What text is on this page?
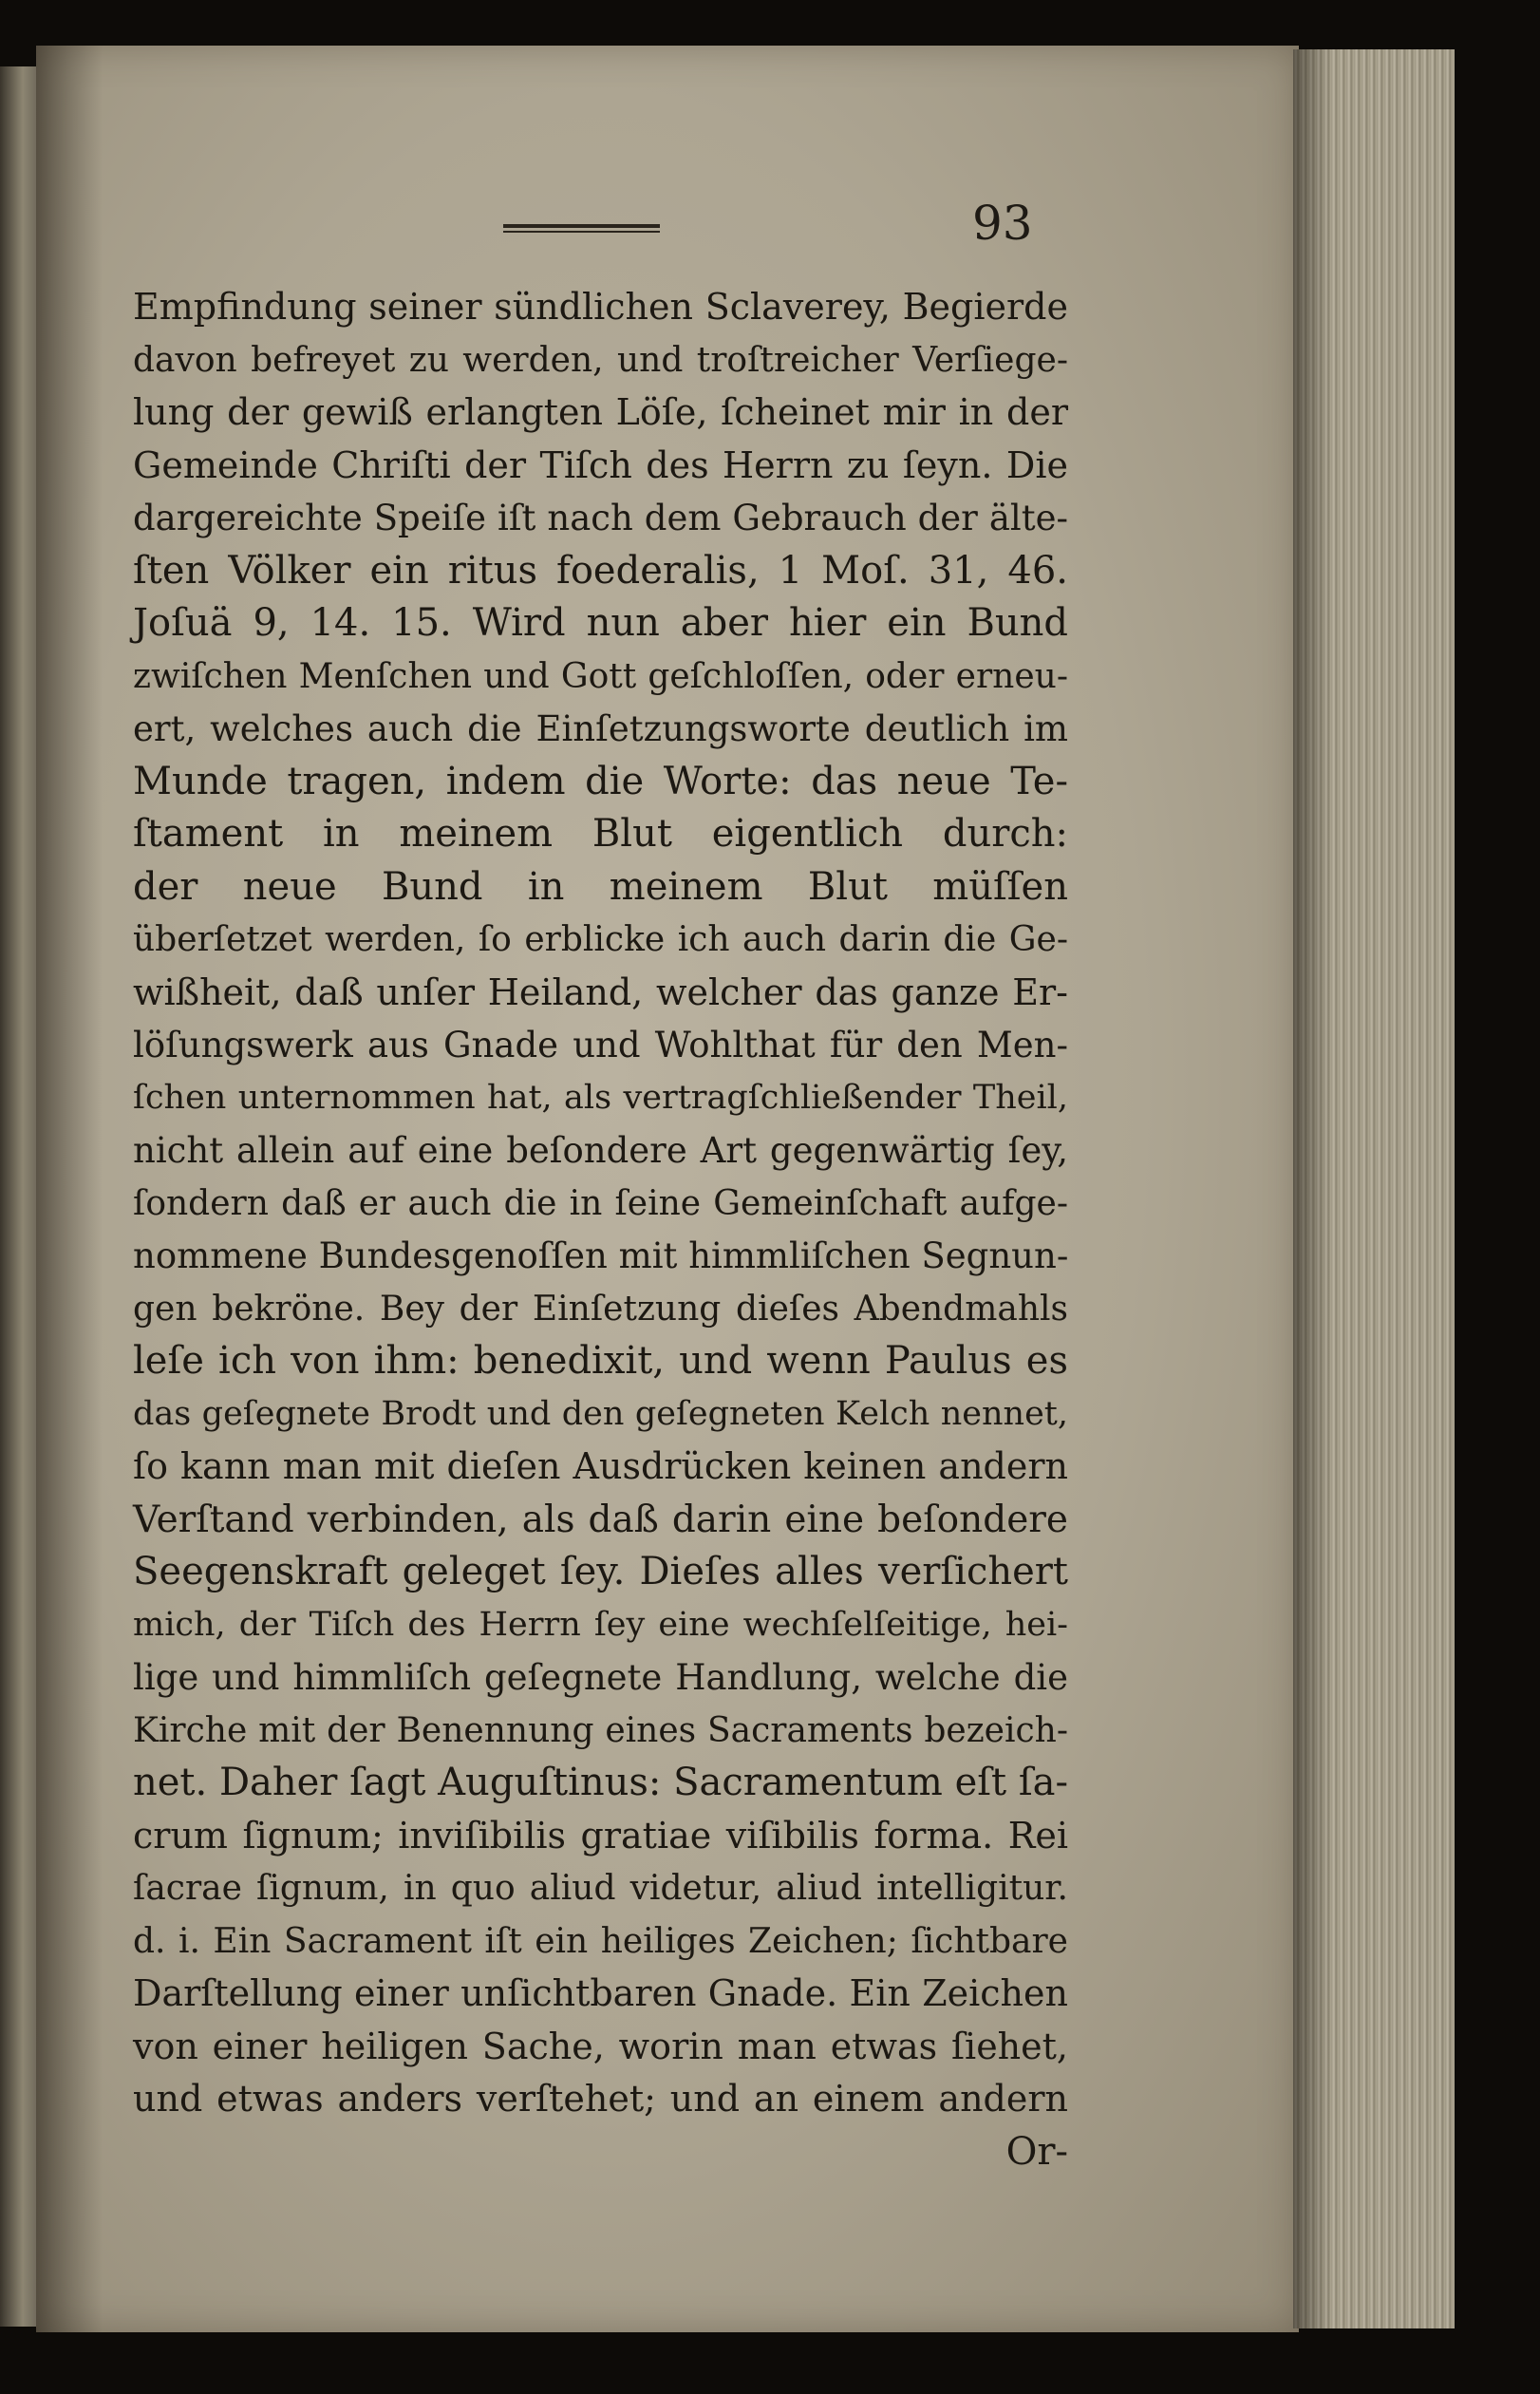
93
Empfindung seiner sündlichen Sclaverey, Begierde
davon befreyet zu werden, und troſtreicher Verſiege-
lung der gewiß erlangten Löſe, ſcheinet mir in der
Gemeinde Chriſti der Tiſch des Herrn zu ſeyn. Die
dargereichte Speiſe iſt nach dem Gebrauch der älte-
ſten Völker ein ritus foederalis, 1 Moſ. 31, 46.
Joſuä 9, 14. 15. Wird nun aber hier ein Bund
zwiſchen Menſchen und Gott geſchloſſen, oder erneu-
ert, welches auch die Einſetzungsworte deutlich im
Munde tragen, indem die Worte: das neue Te-
ſtament in meinem Blut eigentlich durch:
der neue Bund in meinem Blut müſſen
überſetzet werden, ſo erblicke ich auch darin die Ge-
wißheit, daß unſer Heiland, welcher das ganze Er-
löſungswerk aus Gnade und Wohlthat für den Men-
ſchen unternommen hat, als vertragſchließender Theil,
nicht allein auf eine beſondere Art gegenwärtig ſey,
ſondern daß er auch die in ſeine Gemeinſchaft aufge-
nommene Bundesgenoſſen mit himmliſchen Segnun-
gen bekröne. Bey der Einſetzung dieſes Abendmahls
leſe ich von ihm: benedixit, und wenn Paulus es
das geſegnete Brodt und den geſegneten Kelch nennet,
ſo kann man mit dieſen Ausdrücken keinen andern
Verſtand verbinden, als daß darin eine beſondere
Seegenskraft geleget ſey. Dieſes alles verſichert
mich, der Tiſch des Herrn ſey eine wechſelſeitige, hei-
lige und himmliſch geſegnete Handlung, welche die
Kirche mit der Benennung eines Sacraments bezeich-
net. Daher ſagt Auguſtinus: Sacramentum eſt ſa-
crum ſignum; inviſibilis gratiae viſibilis forma. Rei
ſacrae ſignum, in quo aliud videtur, aliud intelligitur.
d. i. Ein Sacrament iſt ein heiliges Zeichen; ſichtbare
Darſtellung einer unſichtbaren Gnade. Ein Zeichen
von einer heiligen Sache, worin man etwas ſiehet,
und etwas anders verſtehet; und an einem andern
Or-
